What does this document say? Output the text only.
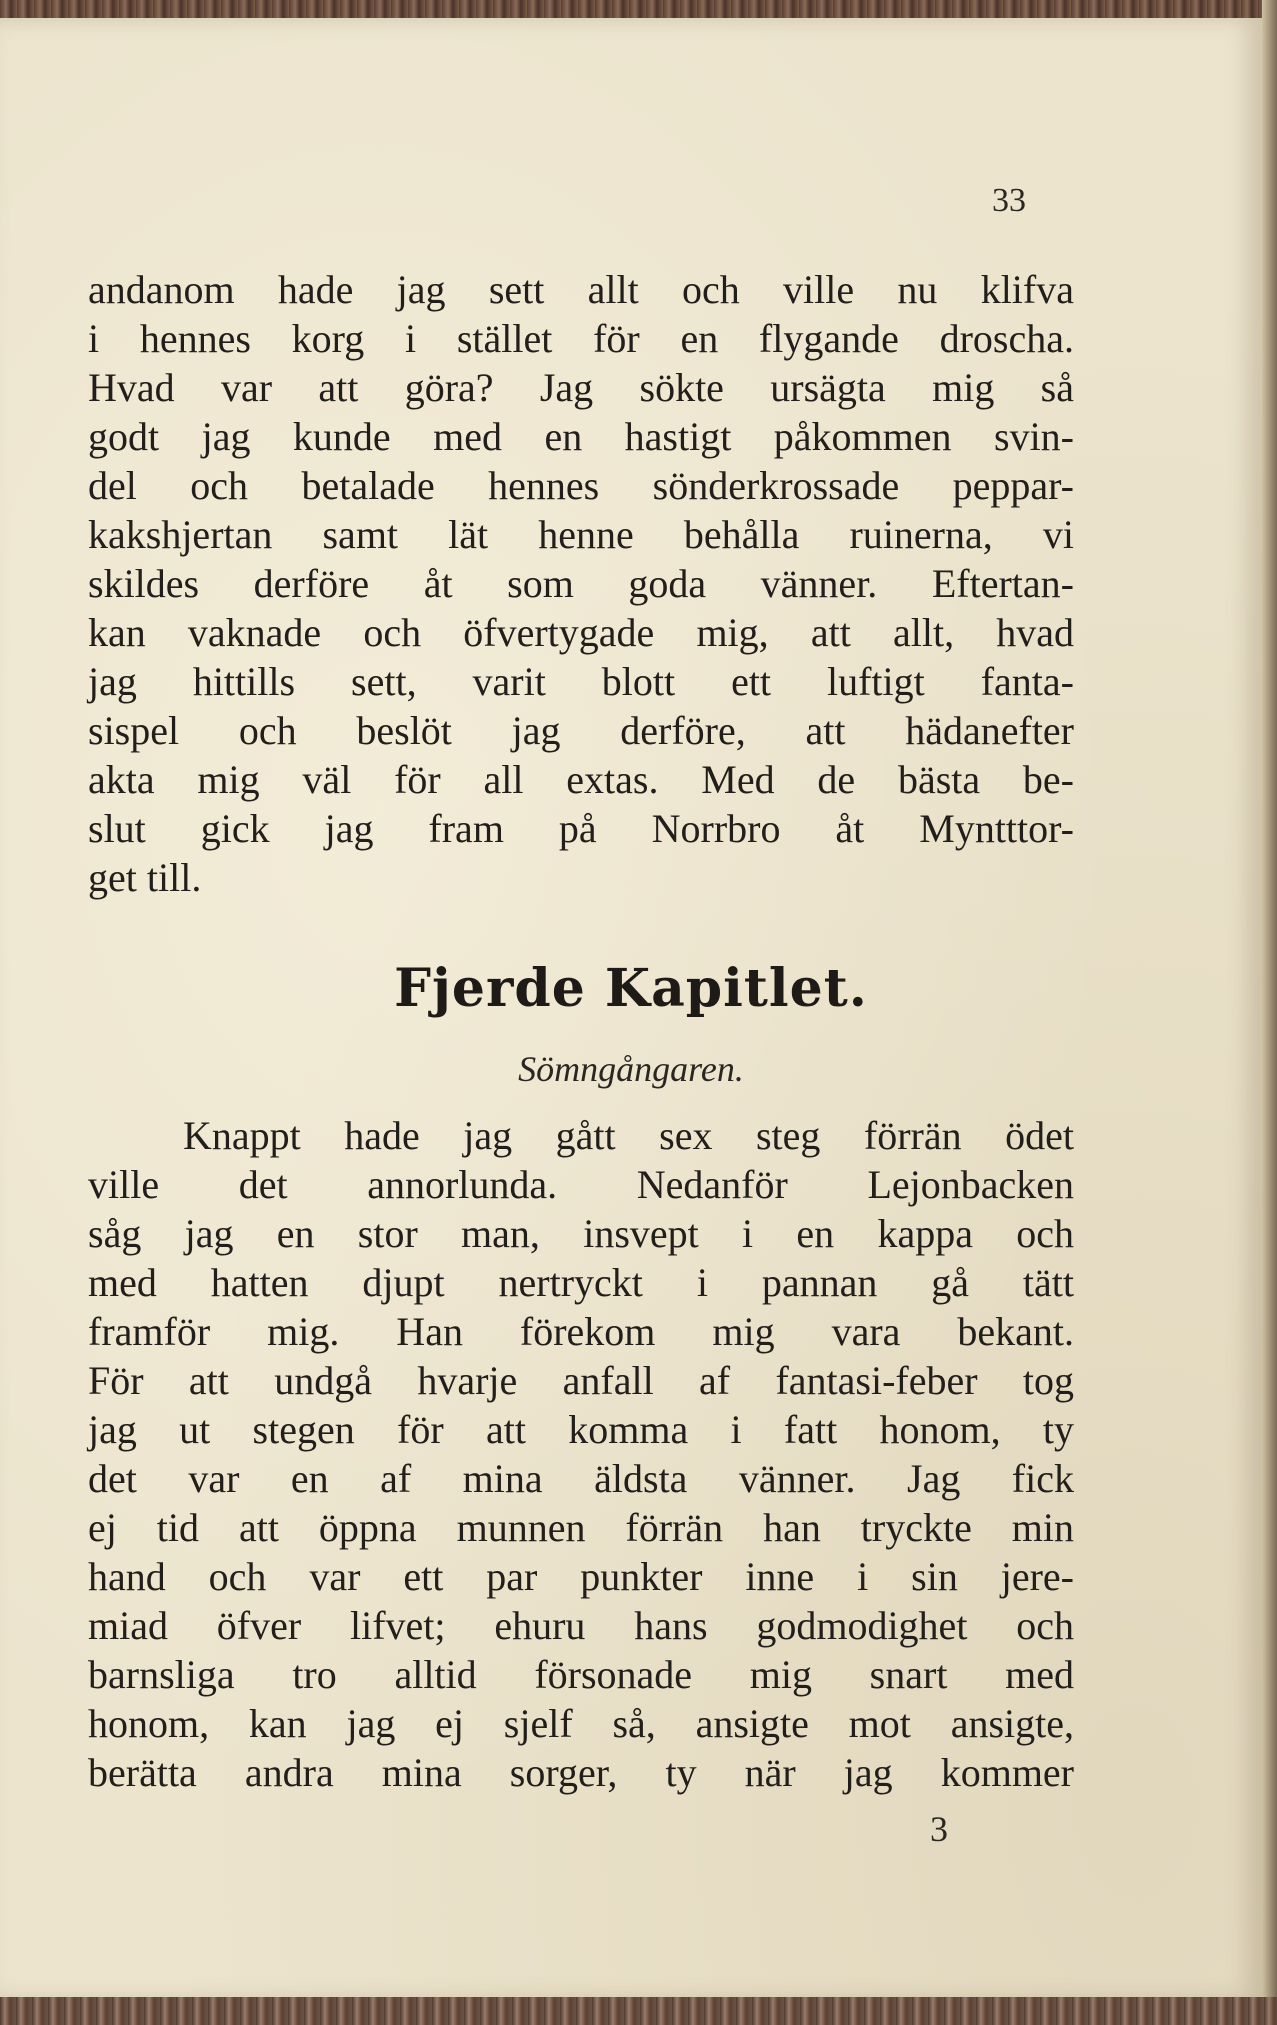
33
andanom hade jag sett allt och ville nu klifva
i hennes korg i stället för en flygande droscha.
Hvad var att göra? Jag sökte ursägta mig så
godt jag kunde med en hastigt påkommen svin-
del och betalade hennes sönderkrossade peppar-
kakshjertan samt lät henne behålla ruinerna, vi
skildes derföre åt som goda vänner. Eftertan-
kan vaknade och öfvertygade mig, att allt, hvad
jag hittills sett, varit blott ett luftigt fanta-
sispel och beslöt jag derföre, att hädanefter
akta mig väl för all extas. Med de bästa be-
slut gick jag fram på Norrbro åt Myntttor-
get till.
Fjerde Kapitlet.
Sömngångaren.
Knappt hade jag gått sex steg förrän ödet
ville det annorlunda. Nedanför Lejonbacken
såg jag en stor man, insvept i en kappa och
med hatten djupt nertryckt i pannan gå tätt
framför mig. Han förekom mig vara bekant.
För att undgå hvarje anfall af fantasi-feber tog
jag ut stegen för att komma i fatt honom, ty
det var en af mina äldsta vänner. Jag fick
ej tid att öppna munnen förrän han tryckte min
hand och var ett par punkter inne i sin jere-
miad öfver lifvet; ehuru hans godmodighet och
barnsliga tro alltid försonade mig snart med
honom, kan jag ej sjelf så, ansigte mot ansigte,
berätta andra mina sorger, ty när jag kommer
3
